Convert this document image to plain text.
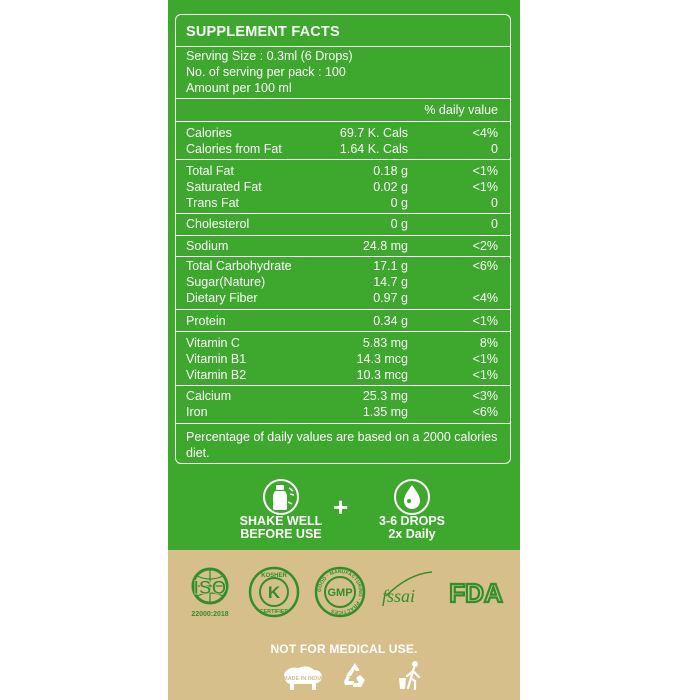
SUPPLEMENT FACTS
Serving Size : 0.3ml (6 Drops)
No. of serving per pack : 100
Amount per 100 ml
% daily value
Calories	69.7 K. Cals	<4%
Calories from Fat	1.64 K. Cals	0
Total Fat	0.18 g	<1%
Saturated Fat	0.02 g	<1%
Trans Fat	0 g	0
Cholesterol	0 g	0
Sodium	24.8 mg	<2%
Total Carbohydrate	17.1 g	<6%
Sugar(Nature)	14.7 g
Dietary Fiber	0.97 g	<4%
Protein	0.34 g	<1%
Vitamin C	5.83 mg	8%
Vitamin B1	14.3 mcg	<1%
Vitamin B2	10.3 mcg	<1%
Calcium	25.3 mg	<3%
Iron	1.35 mg	<6%
Percentage of daily values are based on a 2000 calories diet.
SHAKE WELL
BEFORE USE
+	3-6 DROPS
2x Daily
ISO
22000:2018
KOSHER
K
CERTIFIED
GOOD · MANUFACTURING · PRACTICES
GMP fssai FDA
NOT FOR MEDICAL USE.
MADE IN INDIA
